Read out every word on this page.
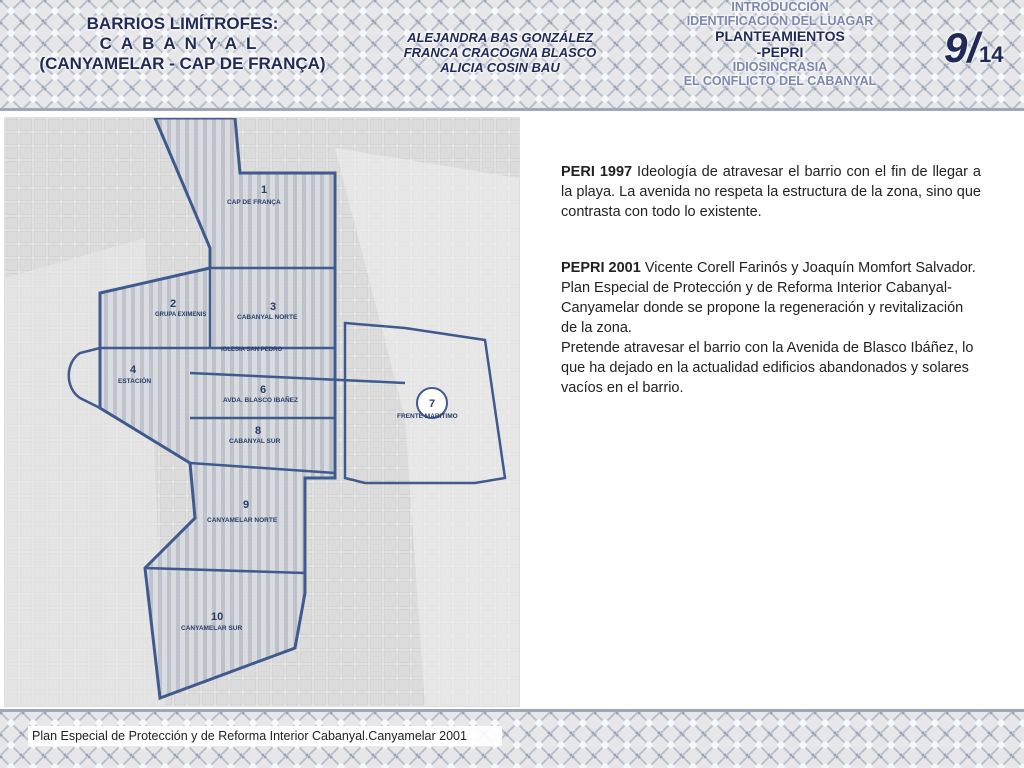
BARRIOS LIMÍTROFES:
CABANYAL
(CANYAMELAR - CAP DE FRANÇA)
ALEJANDRA BAS GONZÁLEZ
FRANCA CRACOGNA BLASCO
ALICIA COSIN BAU
INTRODUCCIÓN
IDENTIFICACIÓN DEL LUAGAR
PLANTEAMIENTOS
-PEPRI
IDIOSINCRASIA
EL CONFLICTO DEL CABANYAL
9/14
1
CAP DE FRANÇA
2
GRUPA EXIMENIS
3
CABANYAL NORTE
4
ESTACIÓN
IGLESIA SAN PEDRO
6
AVDA. BLASCO IBAÑEZ	7
FRENTE MARITIMO
8
CABANYAL SUR
9
CANYAMELAR NORTE
10
CANYAMELAR SUR

PERI 1997 Ideología de atravesar el barrio con el fin de llegar a la playa. La avenida no respeta la estructura de la zona, sino que contrasta con todo lo existente.

PEPRI 2001 Vicente Corell Farinós y Joaquín Momfort Salvador.
Plan Especial de Protección y de Reforma Interior Cabanyal-Canyamelar donde se propone la regeneración y revitalización de la zona.
Pretende atravesar el barrio con la Avenida de Blasco Ibáñez, lo que ha dejado en la actualidad edificios abandonados y solares vacíos en el barrio.

Plan Especial de Protección y de Reforma Interior Cabanyal.Canyamelar 2001
